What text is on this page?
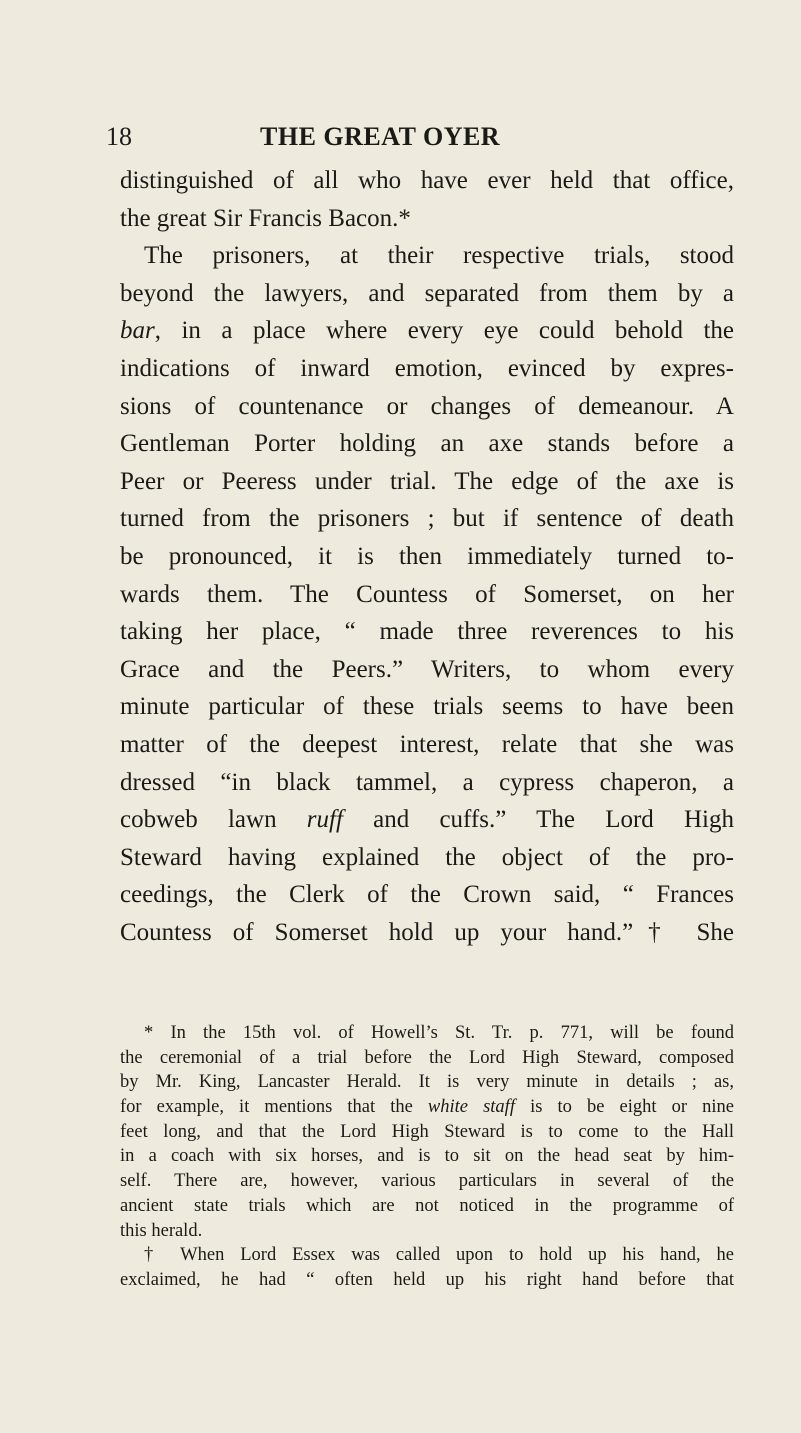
18	THE GREAT OYER
distinguished of all who have ever held that office,
the great Sir Francis Bacon.*
The prisoners, at their respective trials, stood
beyond the lawyers, and separated from them by a
bar, in a place where every eye could behold the
indications of inward emotion, evinced by expres-
sions of countenance or changes of demeanour. A
Gentleman Porter holding an axe stands before a
Peer or Peeress under trial. The edge of the axe is
turned from the prisoners ; but if sentence of death
be pronounced, it is then immediately turned to-
wards them. The Countess of Somerset, on her
taking her place, “ made three reverences to his
Grace and the Peers.” Writers, to whom every
minute particular of these trials seems to have been
matter of the deepest interest, relate that she was
dressed “in black tammel, a cypress chaperon, a
cobweb lawn ruff and cuffs.” The Lord High
Steward having explained the object of the pro-
ceedings, the Clerk of the Crown said, “ Frances
Countess of Somerset hold up your hand.”† She
* In the 15th vol. of Howell’s St. Tr. p. 771, will be found
the ceremonial of a trial before the Lord High Steward, composed
by Mr. King, Lancaster Herald. It is very minute in details ; as,
for example, it mentions that the white staff is to be eight or nine
feet long, and that the Lord High Steward is to come to the Hall
in a coach with six horses, and is to sit on the head seat by him-
self. There are, however, various particulars in several of the
ancient state trials which are not noticed in the programme of
this herald.
† When Lord Essex was called upon to hold up his hand, he
exclaimed, he had “ often held up his right hand before that
